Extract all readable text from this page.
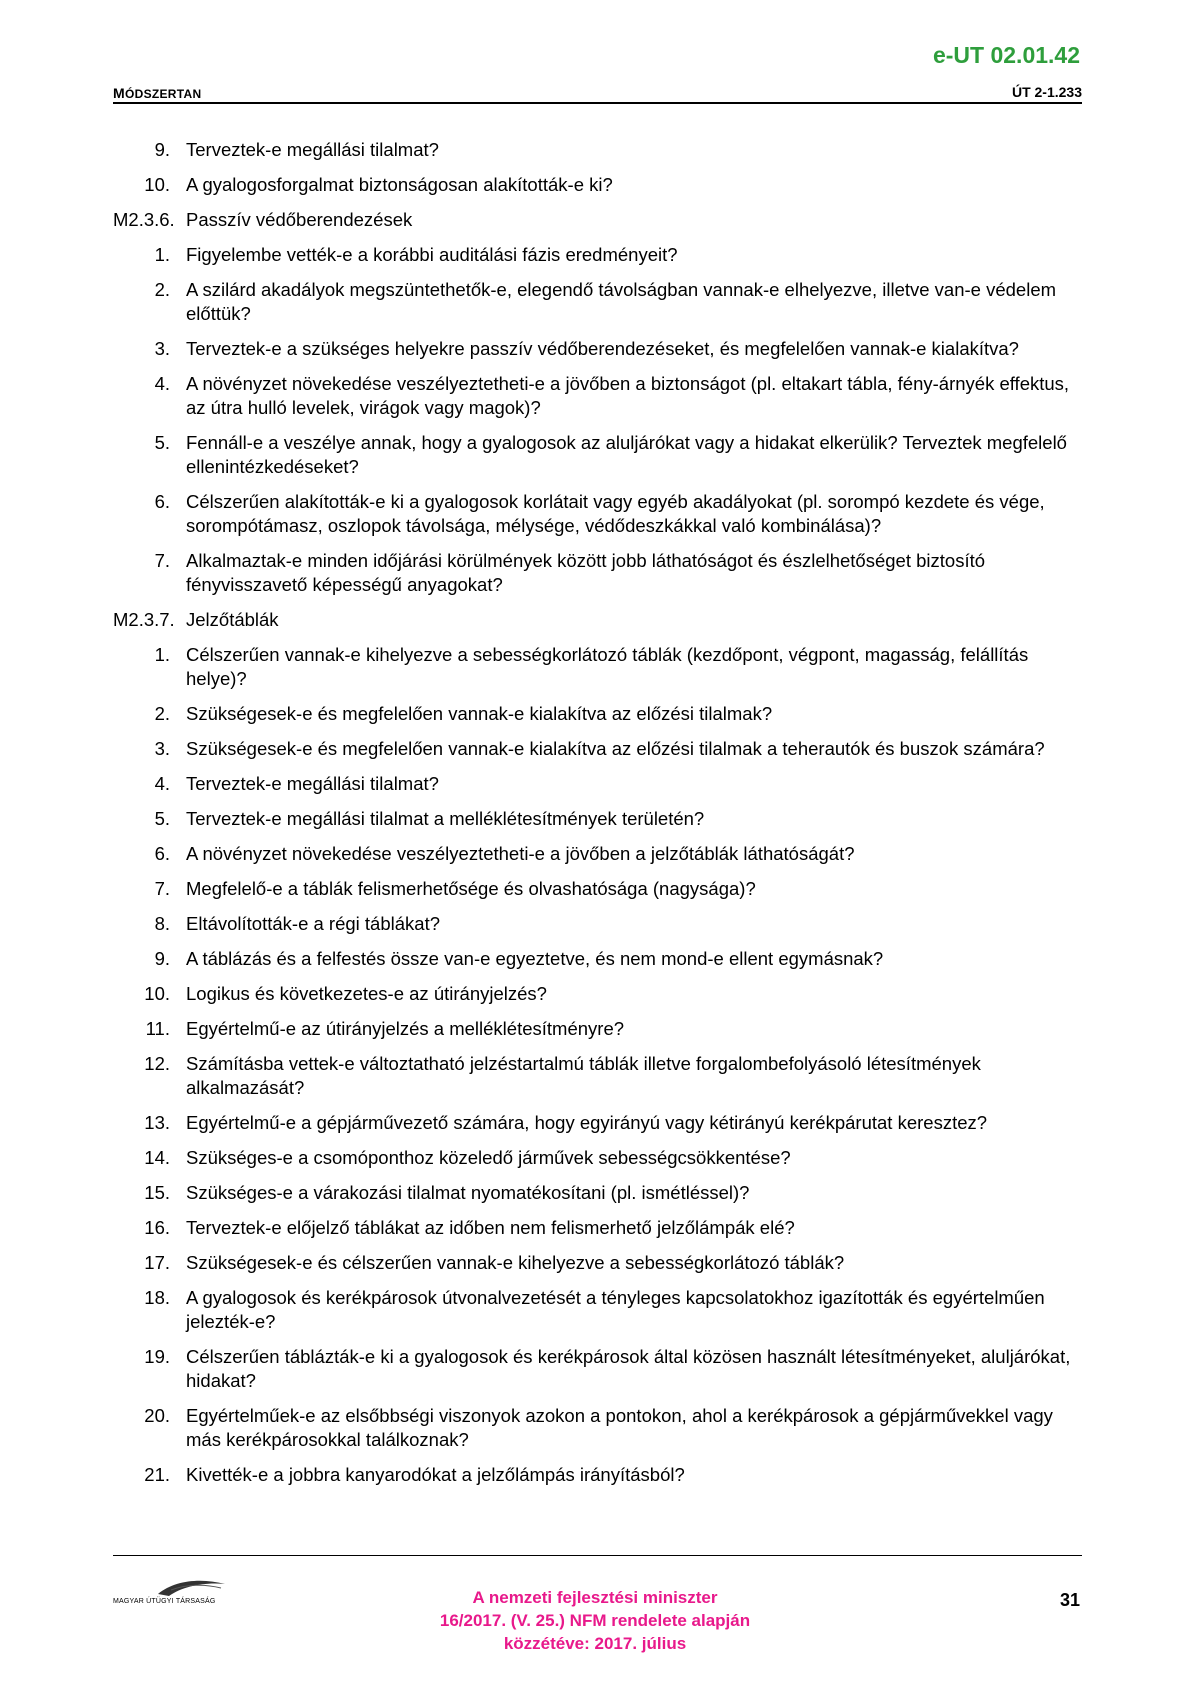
e-UT 02.01.42
MÓDSZERTAN	ÚT 2-1.233
9. Terveztek-e megállási tilalmat?
10. A gyalogosforgalmat biztonságosan alakították-e ki?
M2.3.6. Passzív védőberendezések
1. Figyelembe vették-e a korábbi auditálási fázis eredményeit?
2. A szilárd akadályok megszüntethetők-e, elegendő távolságban vannak-e elhelyezve, illetve van-e védelem előttük?
3. Terveztek-e a szükséges helyekre passzív védőberendezéseket, és megfelelően vannak-e kialakítva?
4. A növényzet növekedése veszélyeztetheti-e a jövőben a biztonságot (pl. eltakart tábla, fény-árnyék effektus, az útra hulló levelek, virágok vagy magok)?
5. Fennáll-e a veszélye annak, hogy a gyalogosok az aluljárókat vagy a hidakat elkerülik? Terveztek megfelelő ellenintézkedéseket?
6. Célszerűen alakították-e ki a gyalogosok korlátait vagy egyéb akadályokat (pl. sorompó kezdete és vége, sorompótámasz, oszlopok távolsága, mélysége, védődeszkákkal való kombinálása)?
7. Alkalmaztak-e minden időjárási körülmények között jobb láthatóságot és észlelhetőséget biztosító fényvisszavető képességű anyagokat?
M2.3.7. Jelzőtáblák
1. Célszerűen vannak-e kihelyezve a sebességkorlátozó táblák (kezdőpont, végpont, magasság, felállítás helye)?
2. Szükségesek-e és megfelelően vannak-e kialakítva az előzési tilalmak?
3. Szükségesek-e és megfelelően vannak-e kialakítva az előzési tilalmak a teherautók és buszok számára?
4. Terveztek-e megállási tilalmat?
5. Terveztek-e megállási tilalmat a melléklétesítmények területén?
6. A növényzet növekedése veszélyeztetheti-e a jövőben a jelzőtáblák láthatóságát?
7. Megfelelő-e a táblák felismerhetősége és olvashatósága (nagysága)?
8. Eltávolították-e a régi táblákat?
9. A táblázás és a felfestés össze van-e egyeztetve, és nem mond-e ellent egymásnak?
10. Logikus és következetes-e az útirányjelzés?
11. Egyértelmű-e az útirányjelzés a melléklétesítményre?
12. Számításba vettek-e változtatható jelzéstartalmú táblák illetve forgalombefolyásoló létesítmények alkalmazását?
13. Egyértelmű-e a gépjárművezető számára, hogy egyirányú vagy kétirányú kerékpárutat keresztez?
14. Szükséges-e a csomóponthoz közeledő járművek sebességcsökkentése?
15. Szükséges-e a várakozási tilalmat nyomatékosítani (pl. ismétléssel)?
16. Terveztek-e előjelző táblákat az időben nem felismerhető jelzőlámpák elé?
17. Szükségesek-e és célszerűen vannak-e kihelyezve a sebességkorlátozó táblák?
18. A gyalogosok és kerékpárosok útvonalvezetését a tényleges kapcsolatokhoz igazították és egyértelműen jelezték-e?
19. Célszerűen táblázták-e ki a gyalogosok és kerékpárosok által közösen használt létesítményeket, aluljárókat, hidakat?
20. Egyértelműek-e az elsőbbségi viszonyok azokon a pontokon, ahol a kerékpárosok a gépjárművekkel vagy más kerékpárosokkal találkoznak?
21. Kivették-e a jobbra kanyarodókat a jelzőlámpás irányításból?
MAGYAR ÚTÜGYI TÁRSASÁG	A nemzeti fejlesztési miniszter
16/2017. (V. 25.) NFM rendelete alapján
közzétéve: 2017. július
31
